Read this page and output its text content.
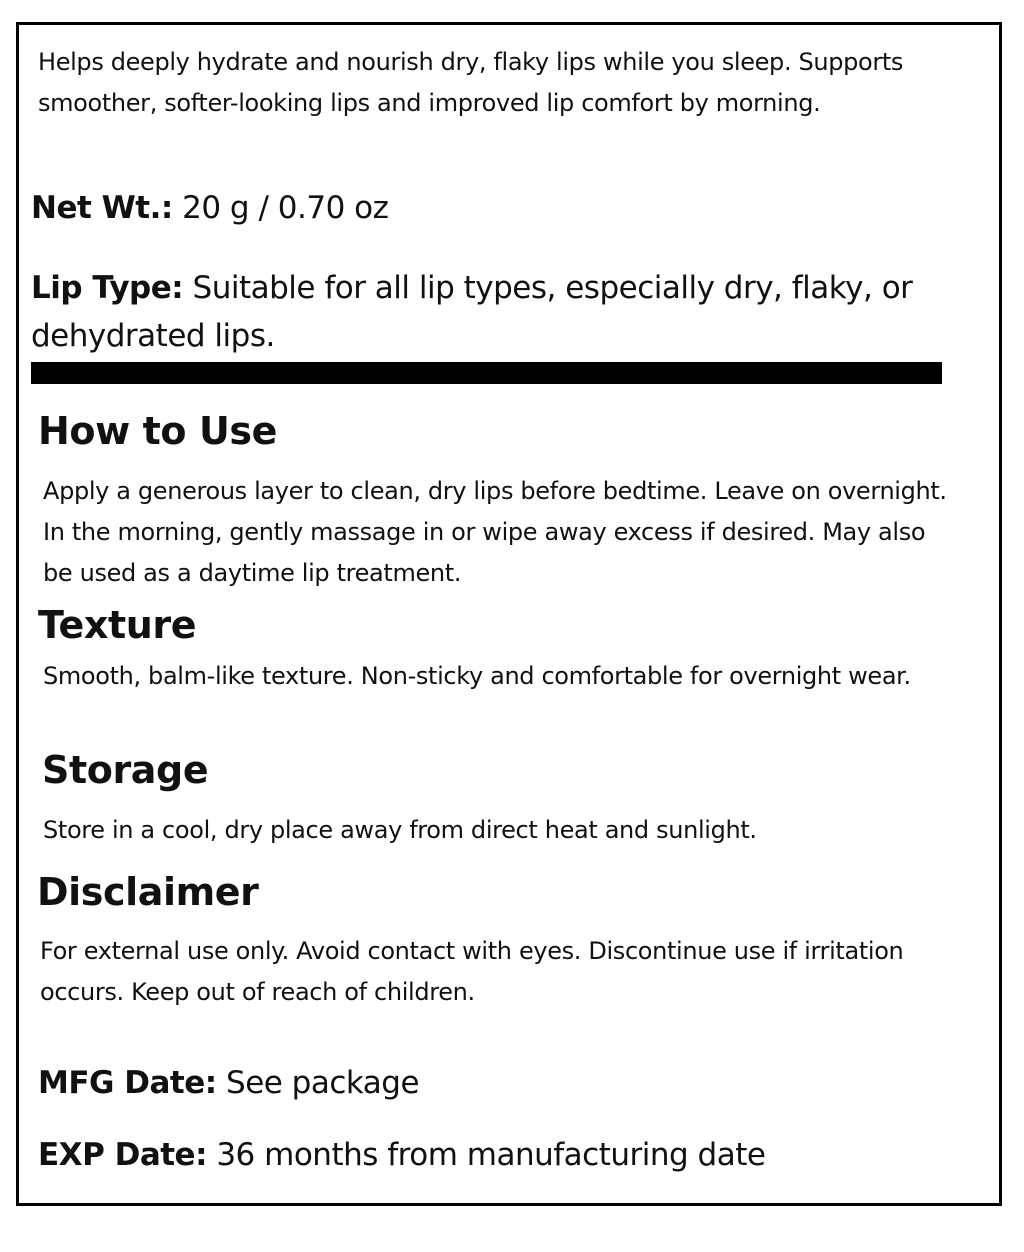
Helps deeply hydrate and nourish dry, flaky lips while you sleep. Supports smoother, softer-looking lips and improved lip comfort by morning.

Net Wt.: 20 g / 0.70 oz

Lip Type: Suitable for all lip types, especially dry, flaky, or dehydrated lips.

How to Use

Apply a generous layer to clean, dry lips before bedtime. Leave on overnight. In the morning, gently massage in or wipe away excess if desired. May also be used as a daytime lip treatment.

Texture

Smooth, balm-like texture. Non-sticky and comfortable for overnight wear.

Storage

Store in a cool, dry place away from direct heat and sunlight.

Disclaimer

For external use only. Avoid contact with eyes. Discontinue use if irritation occurs. Keep out of reach of children.

MFG Date: See package

EXP Date: 36 months from manufacturing date
